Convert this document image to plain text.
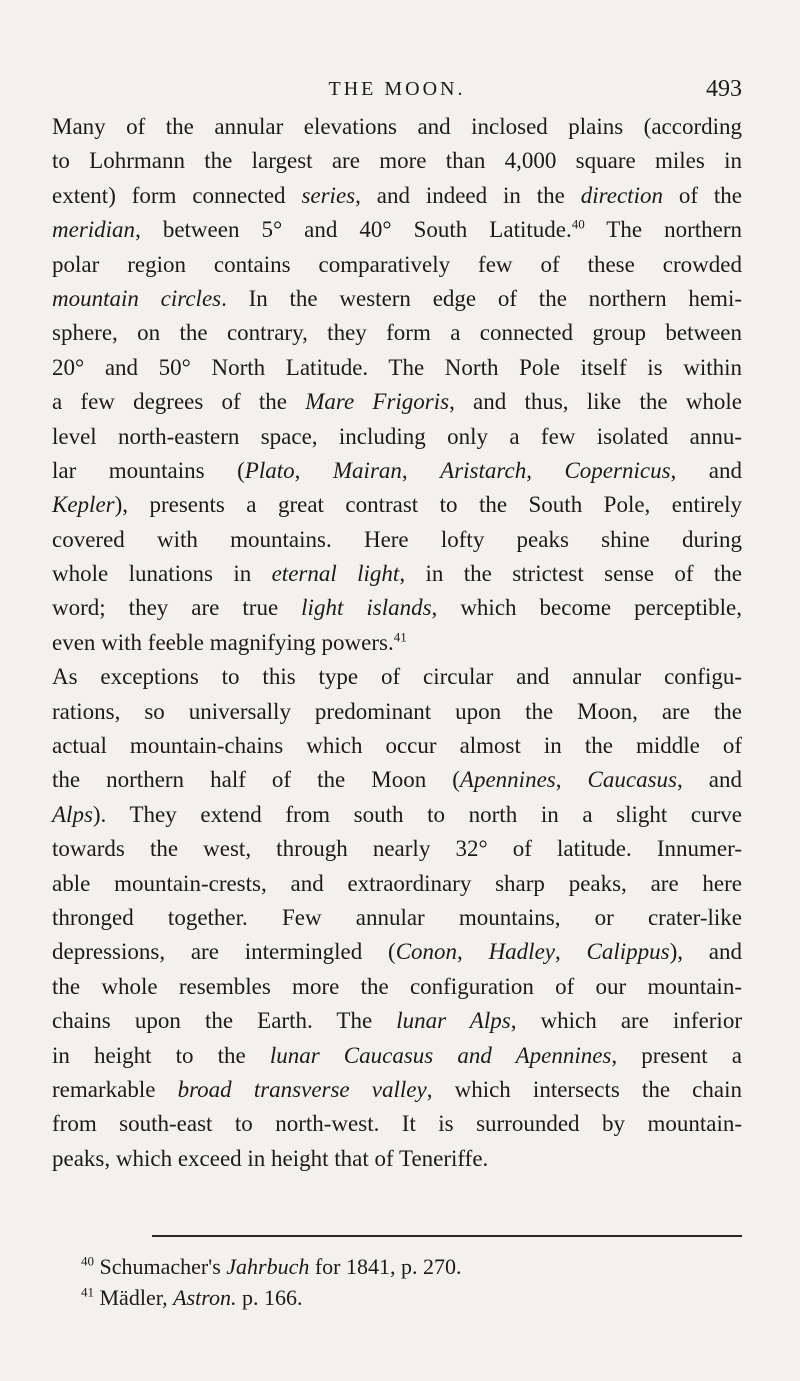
THE MOON.	493
Many of the annular elevations and inclosed plains (according
to Lohrmann the largest are more than 4,000 square miles in
extent) form connected series, and indeed in the direction of the
meridian, between 5° and 40° South Latitude.$^{40}$ The northern
polar region contains comparatively few of these crowded
mountain circles. In the western edge of the northern hemi-
sphere, on the contrary, they form a connected group between
20° and 50° North Latitude. The North Pole itself is within
a few degrees of the Mare Frigoris, and thus, like the whole
level north-eastern space, including only a few isolated annu-
lar mountains (Plato, Mairan, Aristarch, Copernicus, and
Kepler), presents a great contrast to the South Pole, entirely
covered with mountains. Here lofty peaks shine during
whole lunations in eternal light, in the strictest sense of the
word; they are true light islands, which become perceptible,
even with feeble magnifying powers.$^{41}$
As exceptions to this type of circular and annular configu-
rations, so universally predominant upon the Moon, are the
actual mountain-chains which occur almost in the middle of
the northern half of the Moon (Apennines, Caucasus, and
Alps). They extend from south to north in a slight curve
towards the west, through nearly 32° of latitude. Innumer-
able mountain-crests, and extraordinary sharp peaks, are here
thronged together. Few annular mountains, or crater-like
depressions, are intermingled (Conon, Hadley, Calippus), and
the whole resembles more the configuration of our mountain-
chains upon the Earth. The lunar Alps, which are inferior
in height to the lunar Caucasus and Apennines, present a
remarkable broad transverse valley, which intersects the chain
from south-east to north-west. It is surrounded by mountain-
peaks, which exceed in height that of Teneriffe.
$^{40}$ Schumacher's Jahrbuch for 1841, p. 270.
$^{41}$ Mädler, Astron. p. 166.
